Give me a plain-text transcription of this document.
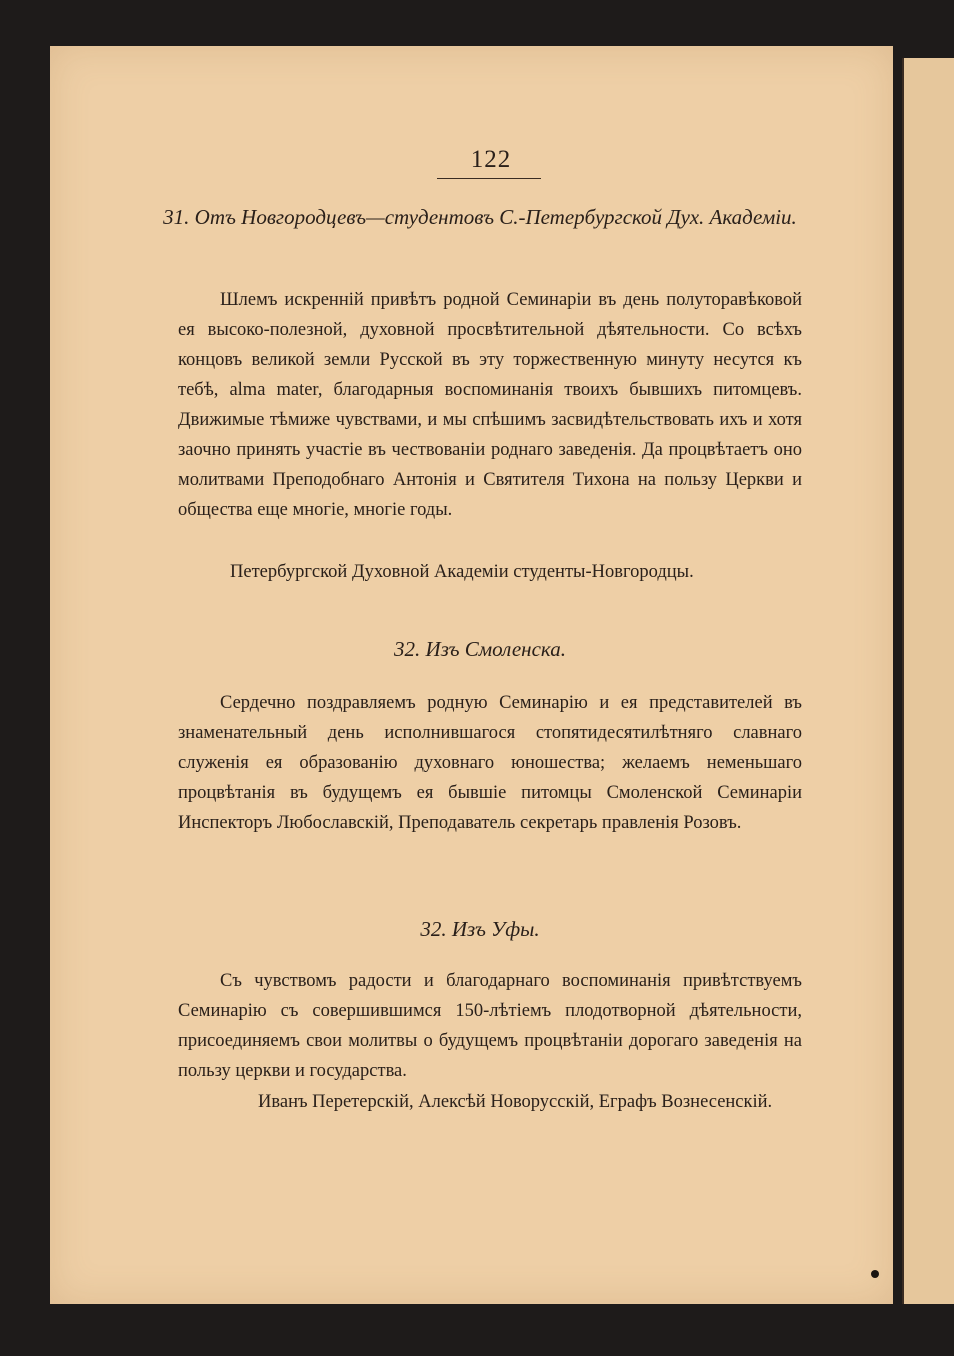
122
31. Отъ Новгородцевъ—студентовъ С.-Петербургской Дух. Академіи.

Шлемъ искренній привѣтъ родной Семинаріи въ день полуторавѣковой ея высоко-полезной, духовной просвѣтительной дѣятельности. Со всѣхъ концовъ великой земли Русской въ эту торжественную минуту несутся къ тебѣ, alma mater, благодарныя воспоминанія твоихъ бывшихъ питомцевъ. Движимые тѣмиже чувствами, и мы спѣшимъ засвидѣтельствовать ихъ и хотя заочно принять участіе въ чествованіи роднаго заведенія. Да процвѣтаетъ оно молитвами Преподобнаго Антонія и Святителя Тихона на пользу Церкви и общества еще многіе, многіе годы.

Петербургской Духовной Академіи студенты-Новгородцы.

32. Изъ Смоленска.

Сердечно поздравляемъ родную Семинарію и ея представителей въ знаменательный день исполнившагося стопятидесятилѣтняго славнаго служенія ея образованію духовнаго юношества; желаемъ неменьшаго процвѣтанія въ будущемъ ея бывшіе питомцы Смоленской Семинаріи Инспекторъ Любославскій, Преподаватель секретарь правленія Розовъ.

32. Изъ Уфы.

Съ чувствомъ радости и благодарнаго воспоминанія привѣтствуемъ Семинарію съ совершившимся 150-лѣтіемъ плодотворной дѣятельности, присоединяемъ свои молитвы о будущемъ процвѣтаніи дорогаго заведенія на пользу церкви и государства.

Иванъ Перетерскій, Алексѣй Новорусскій, Еграфъ Вознесенскій.
